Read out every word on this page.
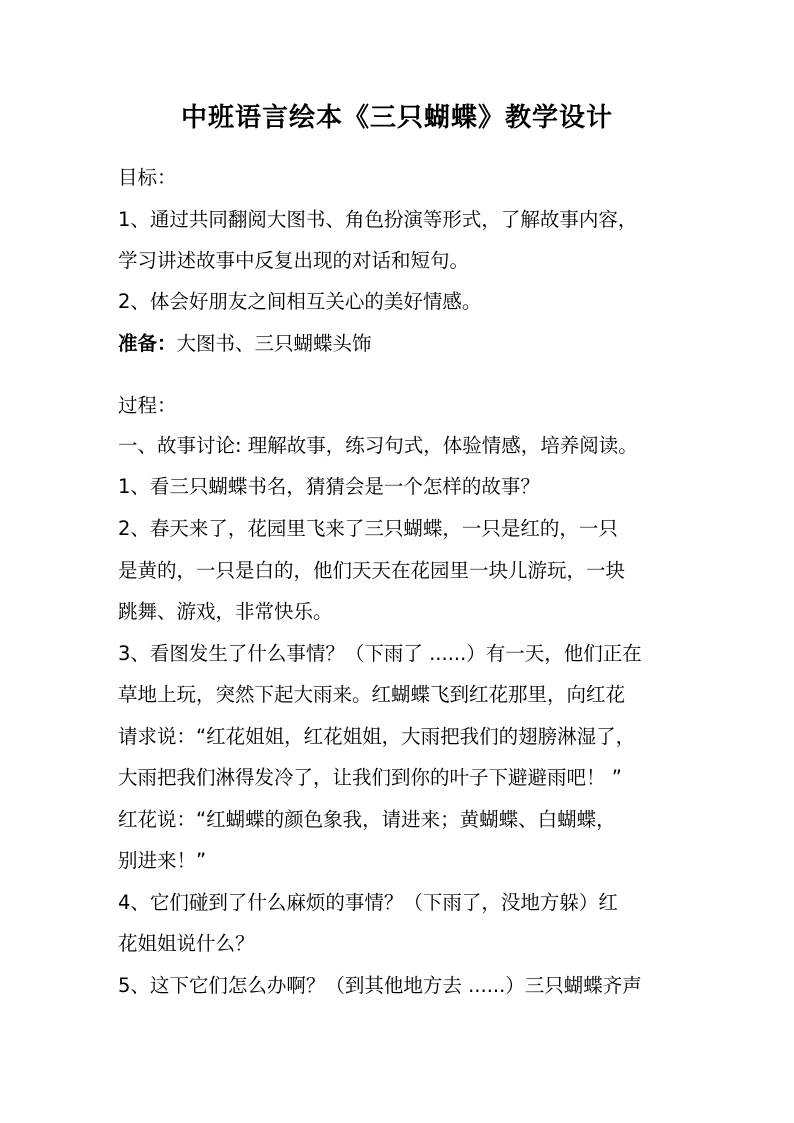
中班语言绘本《三只蝴蝶》教学设计
目标：
1、通过共同翻阅大图书、角色扮演等形式，了解故事内容，
学习讲述故事中反复出现的对话和短句。
2、体会好朋友之间相互关心的美好情感。
准备：大图书、三只蝴蝶头饰
过程：
一、故事讨论: 理解故事，练习句式，体验情感，培养阅读。
1、看三只蝴蝶书名，猜猜会是一个怎样的故事？
2、春天来了，花园里飞来了三只蝴蝶，一只是红的，一只
是黄的，一只是白的，他们天天在花园里一块儿游玩，一块
跳舞、游戏，非常快乐。
3、看图发生了什么事情？（下雨了 ......）有一天，他们正在
草地上玩，突然下起大雨来。红蝴蝶飞到红花那里，向红花
请求说：“红花姐姐，红花姐姐，大雨把我们的翅膀淋湿了，
大雨把我们淋得发冷了，让我们到你的叶子下避避雨吧！ ”
红花说：“红蝴蝶的颜色象我，请进来；黄蝴蝶、白蝴蝶，
别进来！”
4、它们碰到了什么麻烦的事情？（下雨了，没地方躲）红
花姐姐说什么？
5、这下它们怎么办啊？（到其他地方去 ......）三只蝴蝶齐声
